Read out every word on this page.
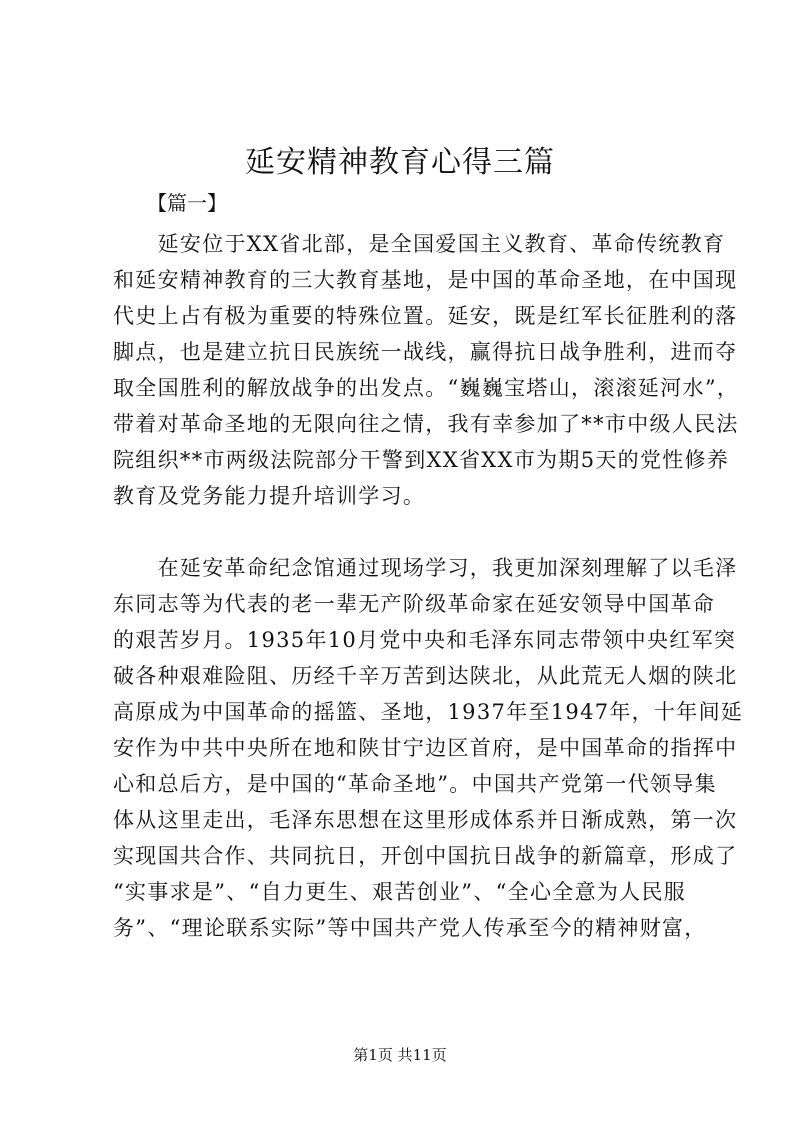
延安精神教育心得三篇
【篇一】
　　延安位于XX省北部，是全国爱国主义教育、革命传统教育
和延安精神教育的三大教育基地，是中国的革命圣地，在中国现
代史上占有极为重要的特殊位置。延安，既是红军长征胜利的落
脚点，也是建立抗日民族统一战线，赢得抗日战争胜利，进而夺
取全国胜利的解放战争的出发点。“巍巍宝塔山，滚滚延河水”，
带着对革命圣地的无限向往之情，我有幸参加了**市中级人民法
院组织**市两级法院部分干警到XX省XX市为期5天的党性修养
教育及党务能力提升培训学习。
　　在延安革命纪念馆通过现场学习，我更加深刻理解了以毛泽
东同志等为代表的老一辈无产阶级革命家在延安领导中国革命
的艰苦岁月。1935年10月党中央和毛泽东同志带领中央红军突
破各种艰难险阻、历经千辛万苦到达陕北，从此荒无人烟的陕北
高原成为中国革命的摇篮、圣地，1937年至1947年，十年间延
安作为中共中央所在地和陕甘宁边区首府，是中国革命的指挥中
心和总后方，是中国的“革命圣地”。中国共产党第一代领导集
体从这里走出，毛泽东思想在这里形成体系并日渐成熟，第一次
实现国共合作、共同抗日，开创中国抗日战争的新篇章，形成了
“实事求是”、“自力更生、艰苦创业”、“全心全意为人民服
务”、“理论联系实际”等中国共产党人传承至今的精神财富，
第1页 共11页
